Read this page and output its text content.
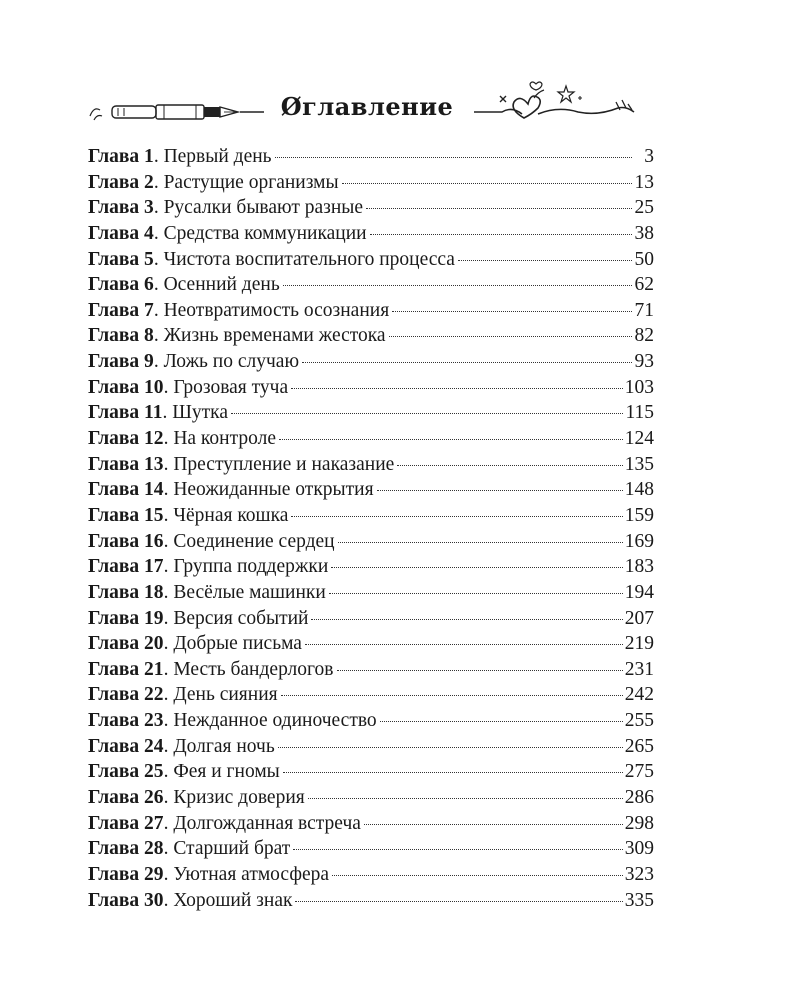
Øглавление
Глава 1 . Первый день	3
Глава 2 . Растущие организмы	13
Глава 3 . Русалки бывают разные	25
Глава 4 . Средства коммуникации	38
Глава 5 . Чистота воспитательного процесса	50
Глава 6 . Осенний день	62
Глава 7 . Неотвратимость осознания	71
Глава 8 . Жизнь временами жестока	82
Глава 9 . Ложь по случаю	93
Глава 10 . Грозовая туча	103
Глава 11 . Шутка	115
Глава 12 . На контроле	124
Глава 13 . Преступление и наказание	135
Глава 14 . Неожиданные открытия	148
Глава 15 . Чёрная кошка	159
Глава 16 . Соединение сердец	169
Глава 17 . Группа поддержки	183
Глава 18 . Весёлые машинки	194
Глава 19 . Версия событий	207
Глава 20 . Добрые письма	219
Глава 21 . Месть бандерлогов	231
Глава 22 . День сияния	242
Глава 23 . Нежданное одиночество	255
Глава 24 . Долгая ночь	265
Глава 25 . Фея и гномы	275
Глава 26 . Кризис доверия	286
Глава 27 . Долгожданная встреча	298
Глава 28 . Старший брат	309
Глава 29 . Уютная атмосфера	323
Глава 30 . Хороший знак	335
